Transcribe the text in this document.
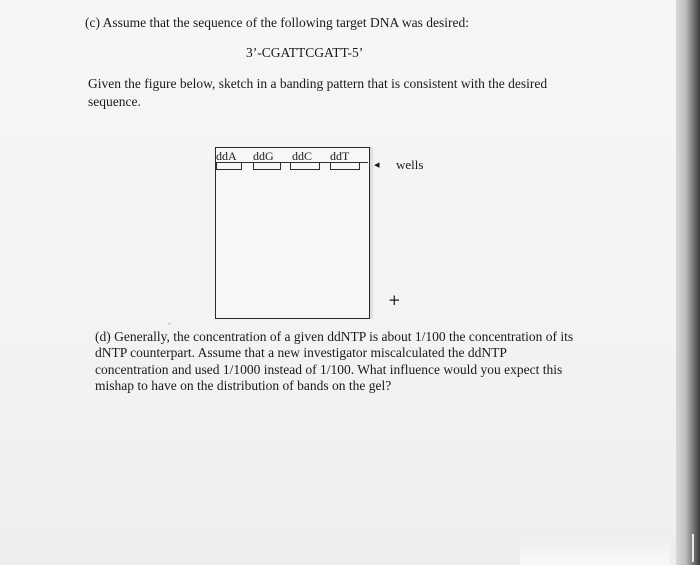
(c) Assume that the sequence of the following target DNA was desired:
3’-CGATTCGATT-5’
Given the figure below, sketch in a banding pattern that is consistent with the desired
sequence.
ddA ddG ddC ddT
◂ wells
+
ˋ
(d) Generally, the concentration of a given ddNTP is about 1/100 the concentration of its
dNTP counterpart. Assume that a new investigator miscalculated the ddNTP
concentration and used 1/1000 instead of 1/100. What influence would you expect this
mishap to have on the distribution of bands on the gel?
